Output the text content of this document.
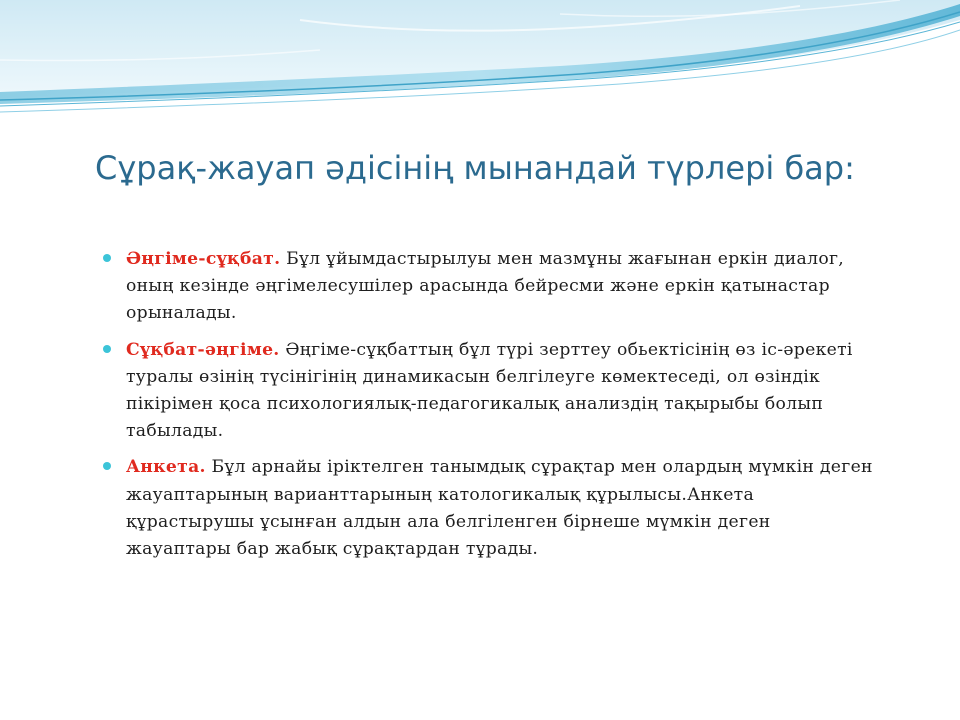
Сұрақ-жауап әдісінің мынандай түрлері бар:
Әңгіме-сұқбат. Бұл ұйымдастырылуы мен мазмұны жағынан еркін диалог, оның кезінде әңгімелесушілер арасында бейресми және еркін қатынастар орыналады.
Сұқбат-әңгіме. Әңгіме-сұқбаттың бұл түрі зерттеу обьектісінің өз іс-әрекеті туралы өзінің түсінігінің динамикасын белгілеуге көмектеседі, ол өзіндік пікірімен қоса психологиялық-педагогикалық анализдің тақырыбы болып табылады.
Анкета. Бұл арнайы іріктелген танымдық сұрақтар мен олардың мүмкін деген жауаптарының варианттарының катологикалық құрылысы.Анкета құрастырушы ұсынған алдын ала белгіленген бірнеше мүмкін деген жауаптары бар жабық сұрақтардан тұрады.
